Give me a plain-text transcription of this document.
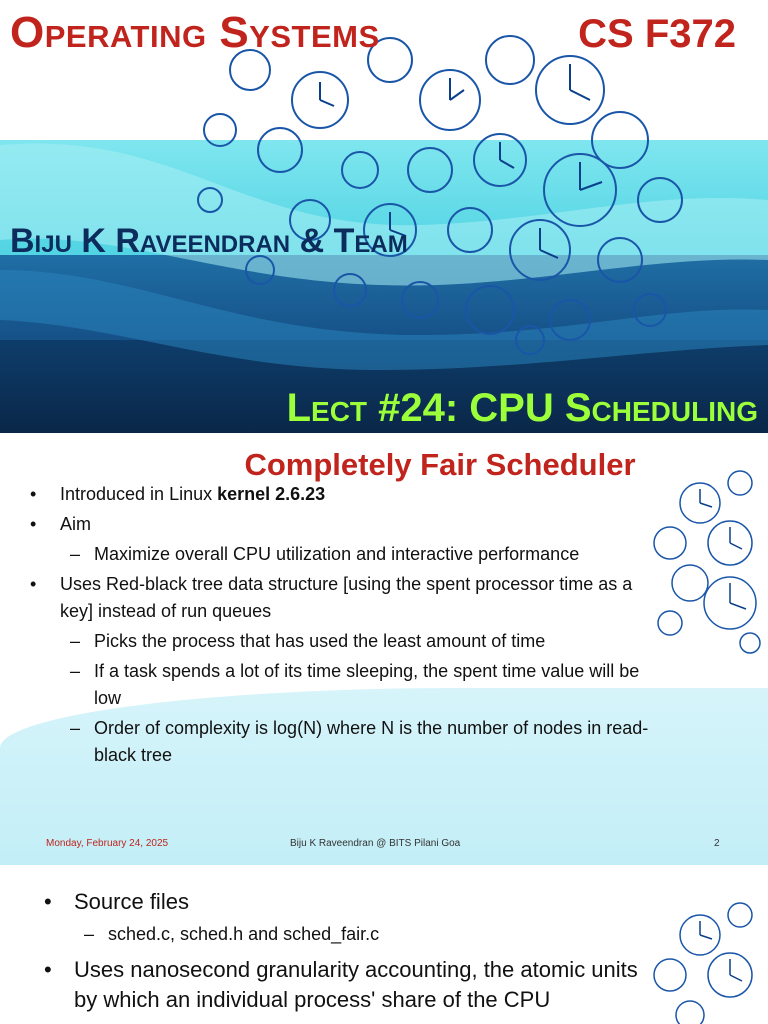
Operating Systems	CS F372
Biju K Raveendran & Team
Lect #24: CPU Scheduling
Completely Fair Scheduler
• Introduced in Linux kernel 2.6.23
• Aim
– Maximize overall CPU utilization and interactive performance
• Uses Red-black tree data structure [using the spent processor time as a key] instead of run queues
– Picks the process that has used the least amount of time
– If a task spends a lot of its time sleeping, the spent time value will be low
– Order of complexity is log(N) where N is the number of nodes in read-black tree
Monday, February 24, 2025	Biju K Raveendran @ BITS Pilani Goa	2
• Source files
– sched.c, sched.h and sched_fair.c
• Uses nanosecond granularity accounting, the atomic units by which an individual process' share of the CPU
